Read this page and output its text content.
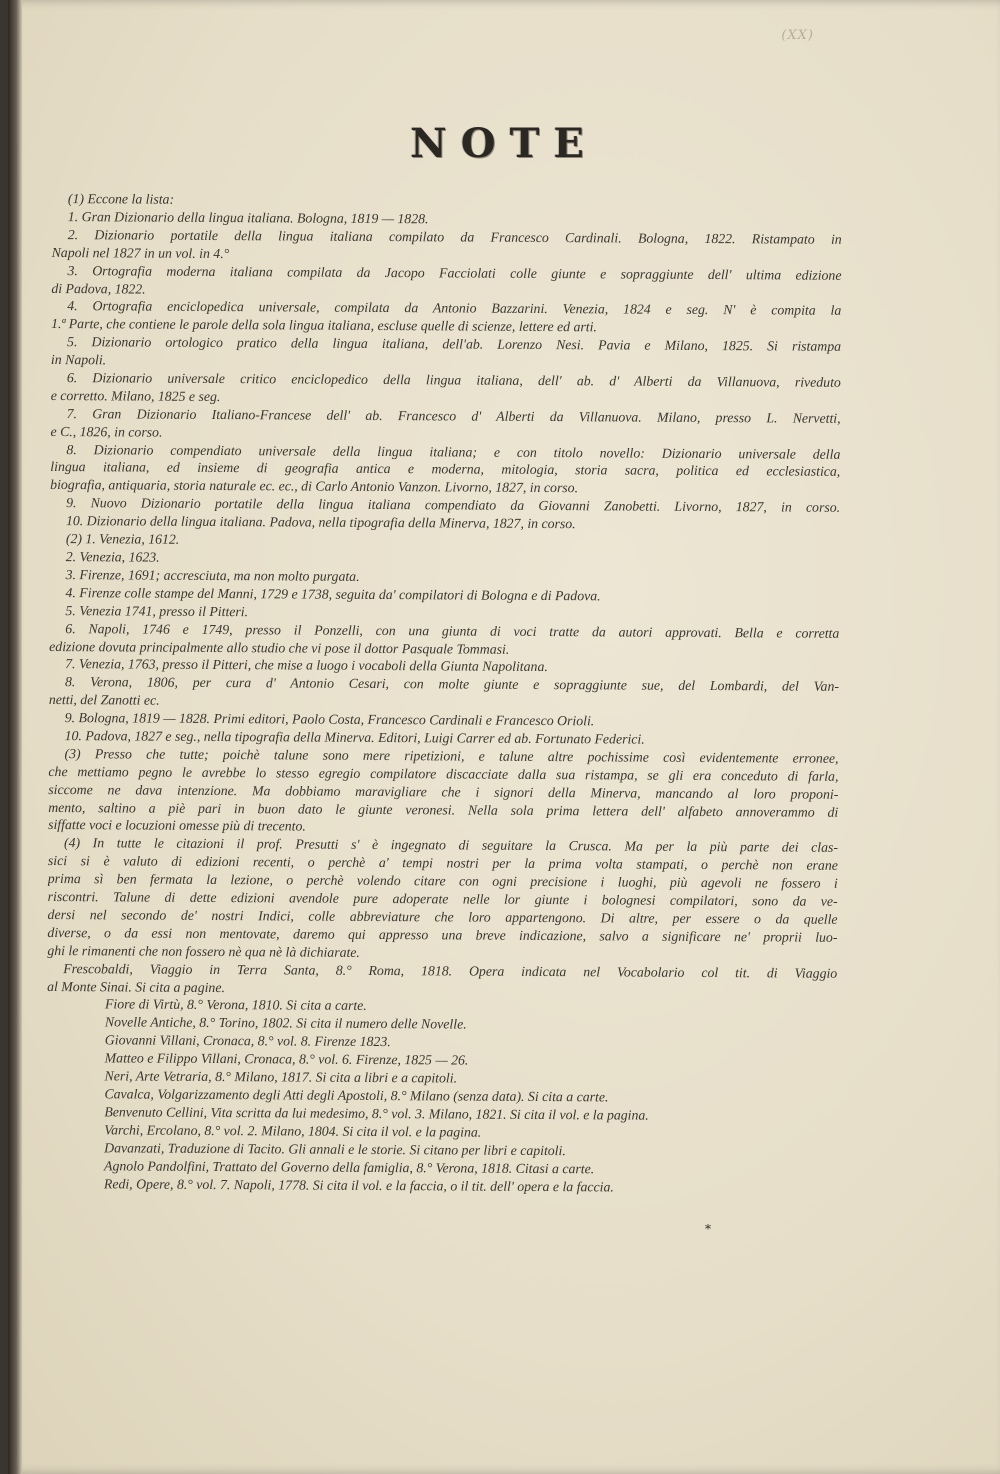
(XX)
NOTE
(1) Eccone la lista:
1. Gran Dizionario della lingua italiana. Bologna, 1819 — 1828.
2. Dizionario portatile della lingua italiana compilato da Francesco Cardinali. Bologna, 1822. Ristampato in
Napoli nel 1827 in un vol. in 4.°
3. Ortografia moderna italiana compilata da Jacopo Facciolati colle giunte e sopraggiunte dell' ultima edizione
di Padova, 1822.
4. Ortografia enciclopedica universale, compilata da Antonio Bazzarini. Venezia, 1824 e seg. N' è compita la
1.ª Parte, che contiene le parole della sola lingua italiana, escluse quelle di scienze, lettere ed arti.
5. Dizionario ortologico pratico della lingua italiana, dell'ab. Lorenzo Nesi. Pavia e Milano, 1825. Si ristampa
in Napoli.
6. Dizionario universale critico enciclopedico della lingua italiana, dell' ab. d' Alberti da Villanuova, riveduto
e corretto. Milano, 1825 e seg.
7. Gran Dizionario Italiano-Francese dell' ab. Francesco d' Alberti da Villanuova. Milano, presso L. Nervetti,
e C., 1826, in corso.
8. Dizionario compendiato universale della lingua italiana; e con titolo novello: Dizionario universale della
lingua italiana, ed insieme di geografia antica e moderna, mitologia, storia sacra, politica ed ecclesiastica,
biografia, antiquaria, storia naturale ec. ec., di Carlo Antonio Vanzon. Livorno, 1827, in corso.
9. Nuovo Dizionario portatile della lingua italiana compendiato da Giovanni Zanobetti. Livorno, 1827, in corso.
10. Dizionario della lingua italiana. Padova, nella tipografia della Minerva, 1827, in corso.
(2) 1. Venezia, 1612.
2. Venezia, 1623.
3. Firenze, 1691; accresciuta, ma non molto purgata.
4. Firenze colle stampe del Manni, 1729 e 1738, seguita da' compilatori di Bologna e di Padova.
5. Venezia 1741, presso il Pitteri.
6. Napoli, 1746 e 1749, presso il Ponzelli, con una giunta di voci tratte da autori approvati. Bella e corretta
edizione dovuta principalmente allo studio che vi pose il dottor Pasquale Tommasi.
7. Venezia, 1763, presso il Pitteri, che mise a luogo i vocaboli della Giunta Napolitana.
8. Verona, 1806, per cura d' Antonio Cesari, con molte giunte e sopraggiunte sue, del Lombardi, del Van-
netti, del Zanotti ec.
9. Bologna, 1819 — 1828. Primi editori, Paolo Costa, Francesco Cardinali e Francesco Orioli.
10. Padova, 1827 e seg., nella tipografia della Minerva. Editori, Luigi Carrer ed ab. Fortunato Federici.
(3) Presso che tutte; poichè talune sono mere ripetizioni, e talune altre pochissime così evidentemente erronee,
che mettiamo pegno le avrebbe lo stesso egregio compilatore discacciate dalla sua ristampa, se gli era conceduto di farla,
siccome ne dava intenzione. Ma dobbiamo maravigliare che i signori della Minerva, mancando al loro proponi-
mento, saltino a piè pari in buon dato le giunte veronesi. Nella sola prima lettera dell' alfabeto annoverammo di
siffatte voci e locuzioni omesse più di trecento.
(4) In tutte le citazioni il prof. Presutti s' è ingegnato di seguitare la Crusca. Ma per la più parte dei clas-
sici si è valuto di edizioni recenti, o perchè a' tempi nostri per la prima volta stampati, o perchè non erane
prima sì ben fermata la lezione, o perchè volendo citare con ogni precisione i luoghi, più agevoli ne fossero i
riscontri. Talune di dette edizioni avendole pure adoperate nelle lor giunte i bolognesi compilatori, sono da ve-
dersi nel secondo de' nostri Indici, colle abbreviature che loro appartengono. Di altre, per essere o da quelle
diverse, o da essi non mentovate, daremo qui appresso una breve indicazione, salvo a significare ne' proprii luo-
ghi le rimanenti che non fossero nè qua nè là dichiarate.
Frescobaldi, Viaggio in Terra Santa, 8.° Roma, 1818. Opera indicata nel Vocabolario col tit. di Viaggio
al Monte Sinai. Si cita a pagine.
Fiore di Virtù, 8.° Verona, 1810. Si cita a carte.
Novelle Antiche, 8.° Torino, 1802. Si cita il numero delle Novelle.
Giovanni Villani, Cronaca, 8.° vol. 8. Firenze 1823.
Matteo e Filippo Villani, Cronaca, 8.° vol. 6. Firenze, 1825 — 26.
Neri, Arte Vetraria, 8.° Milano, 1817. Si cita a libri e a capitoli.
Cavalca, Volgarizzamento degli Atti degli Apostoli, 8.° Milano (senza data). Si cita a carte.
Benvenuto Cellini, Vita scritta da lui medesimo, 8.° vol. 3. Milano, 1821. Si cita il vol. e la pagina.
Varchi, Ercolano, 8.° vol. 2. Milano, 1804. Si cita il vol. e la pagina.
Davanzati, Traduzione di Tacito. Gli annali e le storie. Si citano per libri e capitoli.
Agnolo Pandolfini, Trattato del Governo della famiglia, 8.° Verona, 1818. Citasi a carte.
Redi, Opere, 8.° vol. 7. Napoli, 1778. Si cita il vol. e la faccia, o il tit. dell' opera e la faccia.
*
